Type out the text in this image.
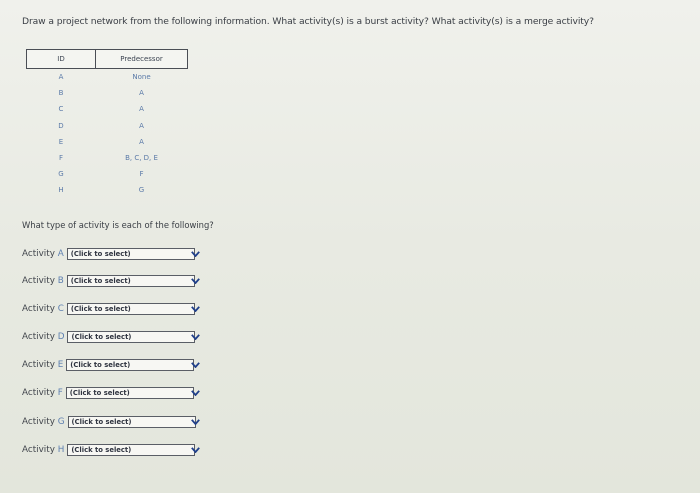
Draw a project network from the following information. What activity(s) is a burst activity? What activity(s) is a merge activity?
ID	Predecessor
A	None
B	A
C	A
D	A
E	A
F	B, C, D, E
G	F
H	G
What type of activity is each of the following?
Activity A	(Click to select)
Activity B	(Click to select)
Activity C	(Click to select)
Activity D	(Click to select)
Activity E	(Click to select)
Activity F	(Click to select)
Activity G	(Click to select)
Activity H	(Click to select)
